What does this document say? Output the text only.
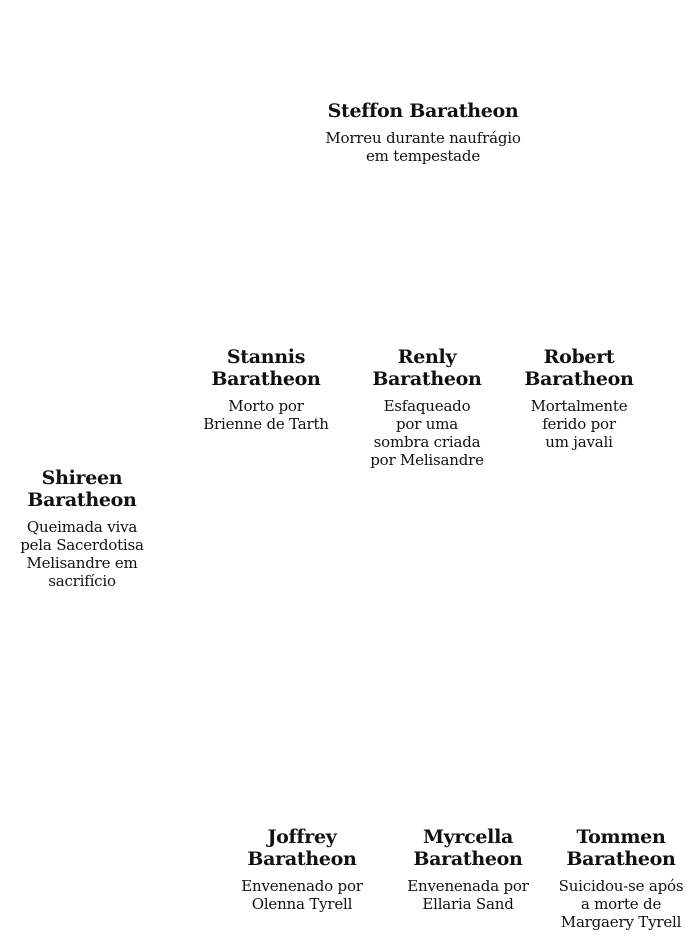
Steffon Baratheon
Morreu durante naufrágio
em tempestade
Stannis
Baratheon
Morto por
Brienne de Tarth
Renly
Baratheon
Esfaqueado
por uma
sombra criada
por Melisandre
Robert
Baratheon
Mortalmente
ferido por
um javali
Shireen
Baratheon
Queimada viva
pela Sacerdotisa
Melisandre em
sacrifício
Joffrey
Baratheon
Envenenado por
Olenna Tyrell
Myrcella
Baratheon
Envenenada por
Ellaria Sand
Tommen
Baratheon
Suicidou-se após
a morte de
Margaery Tyrell
